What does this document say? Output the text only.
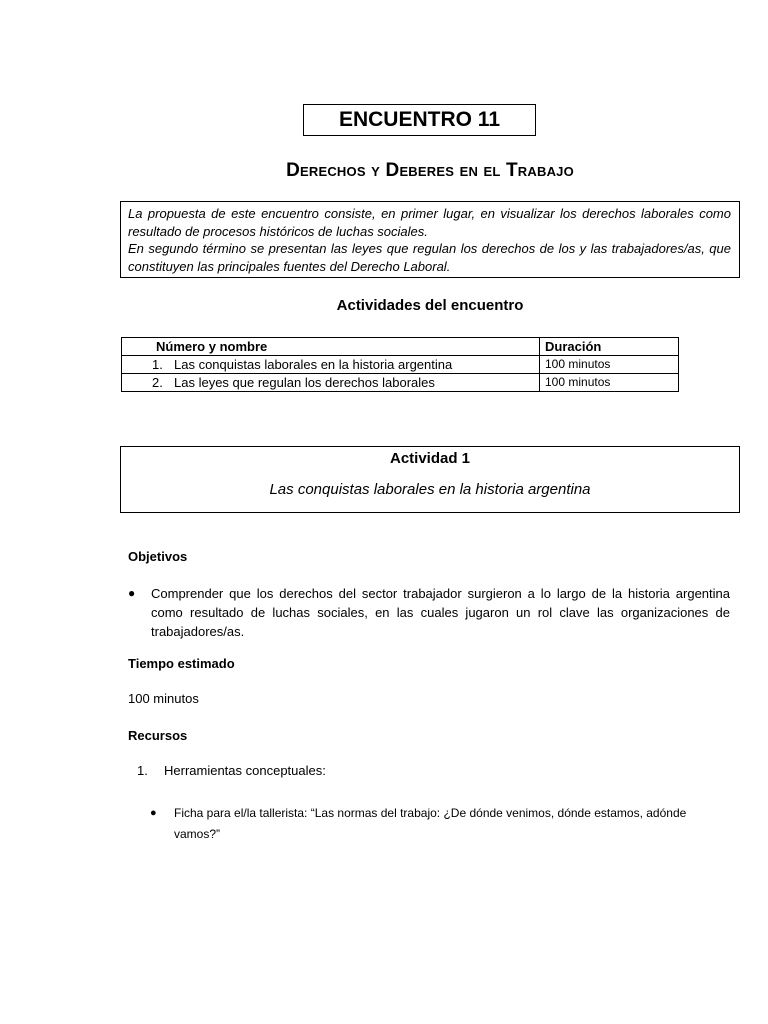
ENCUENTRO 11
Derechos y Deberes en el Trabajo

La propuesta de este encuentro consiste, en primer lugar, en visualizar los derechos laborales como resultado de procesos históricos de luchas sociales.

En segundo término se presentan las leyes que regulan los derechos de los y las trabajadores/as, que constituyen las principales fuentes del Derecho Laboral.

Actividades del encuentro
Número y nombre	Duración
1. Las conquistas laborales en la historia argentina	100 minutos
2. Las leyes que regulan los derechos laborales	100 minutos
Actividad 1
Las conquistas laborales en la historia argentina
Objetivos
● Comprender que los derechos del sector trabajador surgieron a lo largo de la historia argentina como resultado de luchas sociales, en las cuales jugaron un rol clave las organizaciones de trabajadores/as.
Tiempo estimado
100 minutos
Recursos
1. Herramientas conceptuales:
● Ficha para el/la tallerista: “Las normas del trabajo: ¿De dónde venimos, dónde estamos, adónde vamos?”
